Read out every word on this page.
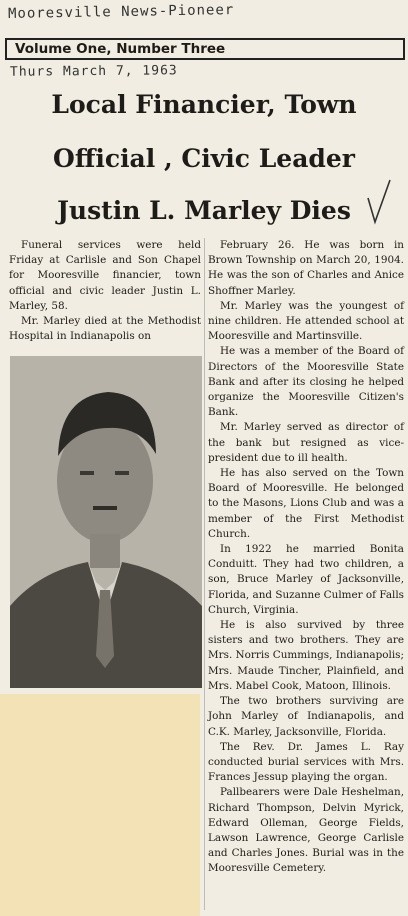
Mooresville News-Pioneer
Volume One, Number Three
Thurs March 7, 1963
Local Financier, Town
Official , Civic Leader
Justin L. Marley Dies

Funeral services were held Friday at Carlisle and Son Chapel for Mooresville financier, town official and civic leader Justin L. Marley, 58.

Mr. Marley died at the Methodist Hospital in Indianapolis on

February 26. He was born in Brown Township on March 20, 1904. He was the son of Charles and Anice Shoffner Marley.

Mr. Marley was the youngest of nine children. He attended school at Mooresville and Martinsville.

He was a member of the Board of Directors of the Mooresville State Bank and after its closing he helped organize the Mooresville Citizen's Bank.

Mr. Marley served as director of the bank but resigned as vice-president due to ill health.

He has also served on the Town Board of Mooresville. He belonged to the Masons, Lions Club and was a member of the First Methodist Church.

In 1922 he married Bonita Conduitt. They had two children, a son, Bruce Marley of Jacksonville, Florida, and Suzanne Culmer of Falls Church, Virginia.

He is also survived by three sisters and two brothers. They are Mrs. Norris Cummings, Indianapolis; Mrs. Maude Tincher, Plainfield, and Mrs. Mabel Cook, Matoon, Illinois.

The two brothers surviving are John Marley of Indianapolis, and C.K. Marley, Jacksonville, Florida.

The Rev. Dr. James L. Ray conducted burial services with Mrs. Frances Jessup playing the organ.

Pallbearers were Dale Heshelman, Richard Thompson, Delvin Myrick, Edward Olleman, George Fields, Lawson Lawrence, George Carlisle and Charles Jones. Burial was in the Mooresville Cemetery.
